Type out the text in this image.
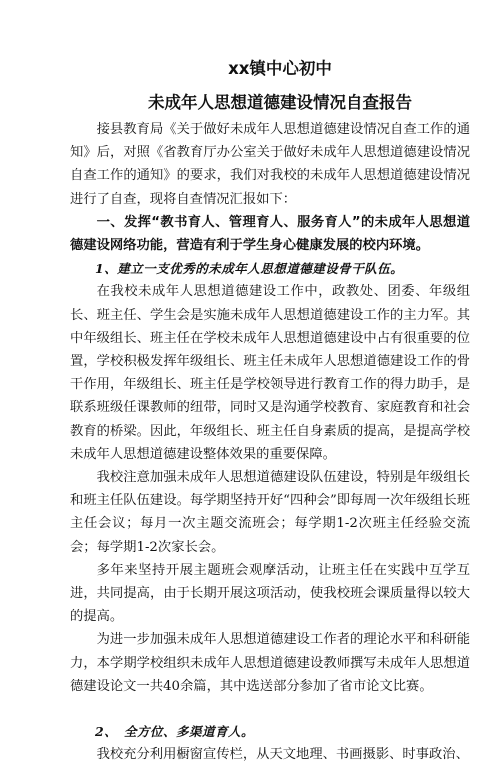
xx镇中心初中
未成年人思想道德建设情况自查报告

接县教育局《关于做好未成年人思想道德建设情况自查工作的通知》后，对照《省教育厅办公室关于做好未成年人思想道德建设情况自查工作的通知》的要求，我们对我校的未成年人思想道德建设情况进行了自查，现将自查情况汇报如下：

一、发挥“教书育人、管理育人、服务育人”的未成年人思想道德建设网络功能，营造有利于学生身心健康发展的校内环境。

1、建立一支优秀的未成年人思想道德建设骨干队伍。

在我校未成年人思想道德建设工作中，政教处、团委、年级组长、班主任、学生会是实施未成年人思想道德建设工作的主力军。其中年级组长、班主任在学校未成年人思想道德建设中占有很重要的位置，学校积极发挥年级组长、班主任未成年人思想道德建设工作的骨干作用，年级组长、班主任是学校领导进行教育工作的得力助手，是联系班级任课教师的纽带，同时又是沟通学校教育、家庭教育和社会教育的桥梁。因此，年级组长、班主任自身素质的提高，是提高学校未成年人思想道德建设整体效果的重要保障。

我校注意加强未成年人思想道德建设队伍建设，特别是年级组长和班主任队伍建设。每学期坚持开好“四种会”即每周一次年级组长班主任会议；每月一次主题交流班会；每学期1-2次班主任经验交流会；每学期1-2次家长会。

多年来坚持开展主题班会观摩活动，让班主任在实践中互学互进，共同提高，由于长期开展这项活动，使我校班会课质量得以较大的提高。

为进一步加强未成年人思想道德建设工作者的理论水平和科研能力，本学期学校组织未成年人思想道德建设教师撰写未成年人思想道德建设论文一共40余篇，其中选送部分参加了省市论文比赛。

2、　全方位、多渠道育人。

我校充分利用橱窗宣传栏，从天文地理、书画摄影、时事政治、
